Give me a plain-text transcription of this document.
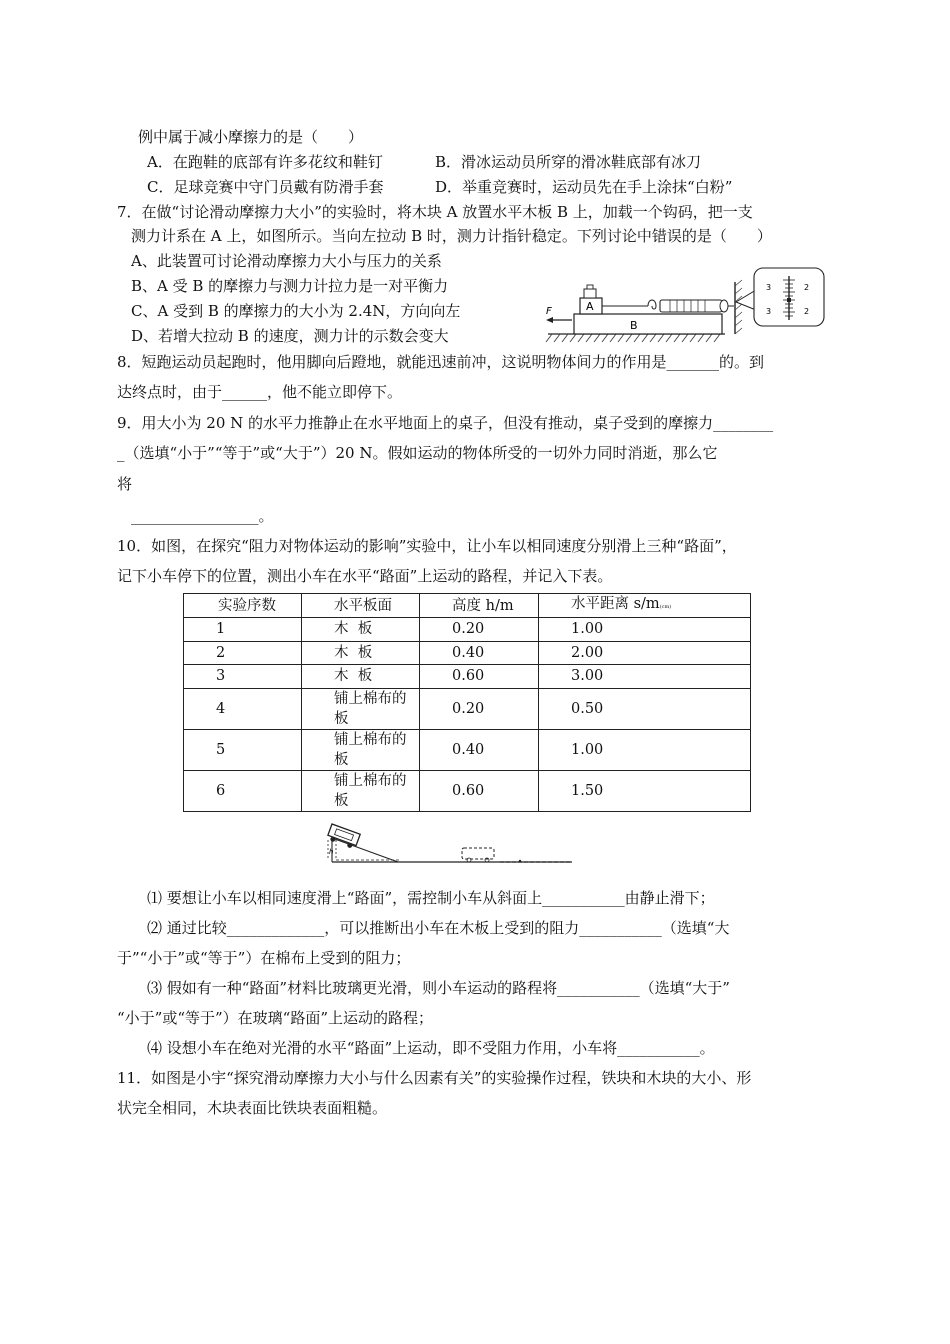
例中属于减小摩擦力的是（　　）
A．在跑鞋的底部有许多花纹和鞋钉	B．滑冰运动员所穿的滑冰鞋底部有冰刀
C．足球竞赛中守门员戴有防滑手套	D．举重竞赛时，运动员先在手上涂抹“白粉”
7．在做“讨论滑动摩擦力大小”的实验时，将木块 A 放置水平木板 B 上，加载一个钩码，把一支
测力计系在 A 上，如图所示。当向左拉动 B 时，测力计指针稳定。下列讨论中错误的是（　　）
A、此装置可讨论滑动摩擦力大小与压力的关系
B、A 受 B 的摩擦力与测力计拉力是一对平衡力
C、A 受到 B 的摩擦力的大小为 2.4N，方向向左
D、若增大拉动 B 的速度，测力计的示数会变大
B
A
F
3
3
2
2
8．短跑运动员起跑时，他用脚向后蹬地，就能迅速前冲，这说明物体间力的作用是_______的。到
达终点时，由于______，他不能立即停下。
9．用大小为 20 N 的水平力推静止在水平地面上的桌子，但没有推动，桌子受到的摩擦力________
_（选填“小于”“等于”或“大于”）20 N。假如运动的物体所受的一切外力同时消逝，那么它
将
_________________。
10．如图，在探究“阻力对物体运动的影响”实验中，让小车以相同速度分别滑上三种“路面”，
记下小车停下的位置，测出小车在水平“路面”上运动的路程，并记入下表。
实验序数	水平板面	高度 h/m	水平距离 s/m(cm)
1	木  板	0.20	1.00
2	木  板	0.40	2.00
3	木  板	0.60	3.00
4	铺上棉布的板	0.20	0.50
5	铺上棉布的板	0.40	1.00
6	铺上棉布的板	0.60	1.50
h
⑴ 要想让小车以相同速度滑上“路面”，需控制小车从斜面上___________由静止滑下；
⑵ 通过比较_____________，可以推断出小车在木板上受到的阻力___________（选填“大
于”“小于”或“等于”）在棉布上受到的阻力；
⑶ 假如有一种“路面”材料比玻璃更光滑，则小车运动的路程将___________（选填“大于”
“小于”或“等于”）在玻璃“路面”上运动的路程；
⑷ 设想小车在绝对光滑的水平“路面”上运动，即不受阻力作用，小车将___________。
11．如图是小宇“探究滑动摩擦力大小与什么因素有关”的实验操作过程，铁块和木块的大小、形
状完全相同，木块表面比铁块表面粗糙。
